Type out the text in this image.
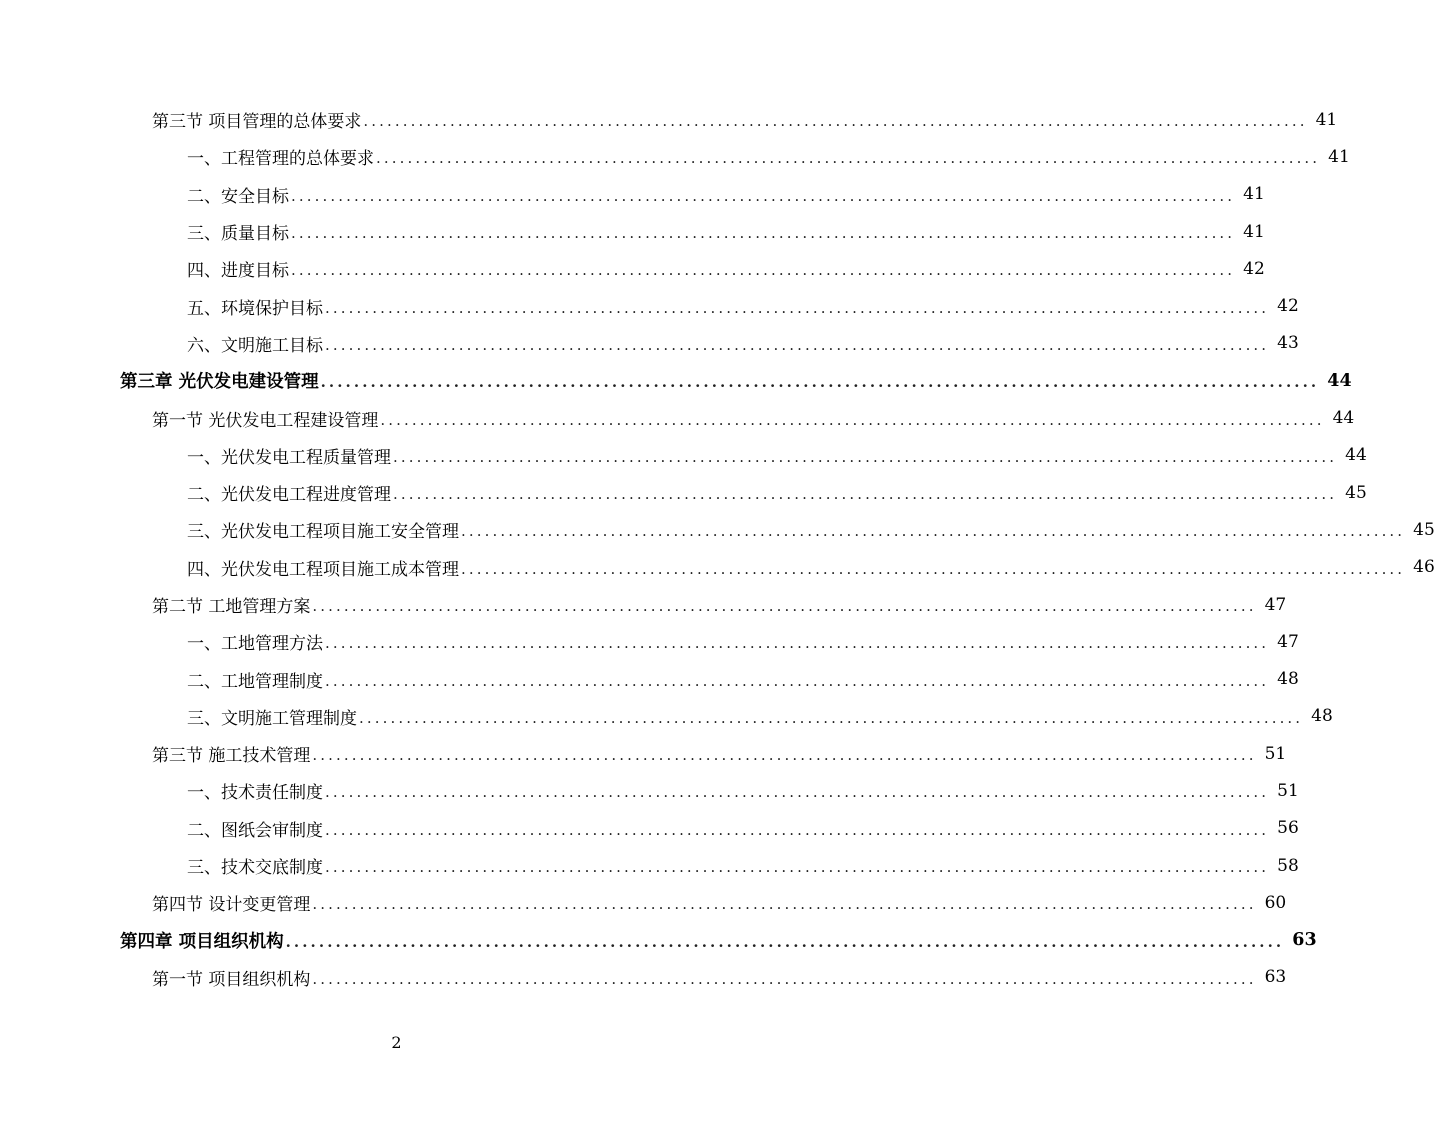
第三节 项目管理的总体要求 ........................................................................................................................ 41
一、工程管理的总体要求 ........................................................................................................................ 41
二、安全目标 ........................................................................................................................ 41
三、质量目标 ........................................................................................................................ 41
四、进度目标 ........................................................................................................................ 42
五、环境保护目标 ........................................................................................................................ 42
六、文明施工目标 ........................................................................................................................ 43
第三章 光伏发电建设管理 ........................................................................................................................ 44
第一节 光伏发电工程建设管理 ........................................................................................................................ 44
一、光伏发电工程质量管理 ........................................................................................................................ 44
二、光伏发电工程进度管理 ........................................................................................................................ 45
三、光伏发电工程项目施工安全管理 ........................................................................................................................ 45
四、光伏发电工程项目施工成本管理 ........................................................................................................................ 46
第二节 工地管理方案 ........................................................................................................................ 47
一、工地管理方法 ........................................................................................................................ 47
二、工地管理制度 ........................................................................................................................ 48
三、文明施工管理制度 ........................................................................................................................ 48
第三节 施工技术管理 ........................................................................................................................ 51
一、技术责任制度 ........................................................................................................................ 51
二、图纸会审制度 ........................................................................................................................ 56
三、技术交底制度 ........................................................................................................................ 58
第四节 设计变更管理 ........................................................................................................................ 60
第四章 项目组织机构 ........................................................................................................................ 63
第一节 项目组织机构 ........................................................................................................................ 63
2
